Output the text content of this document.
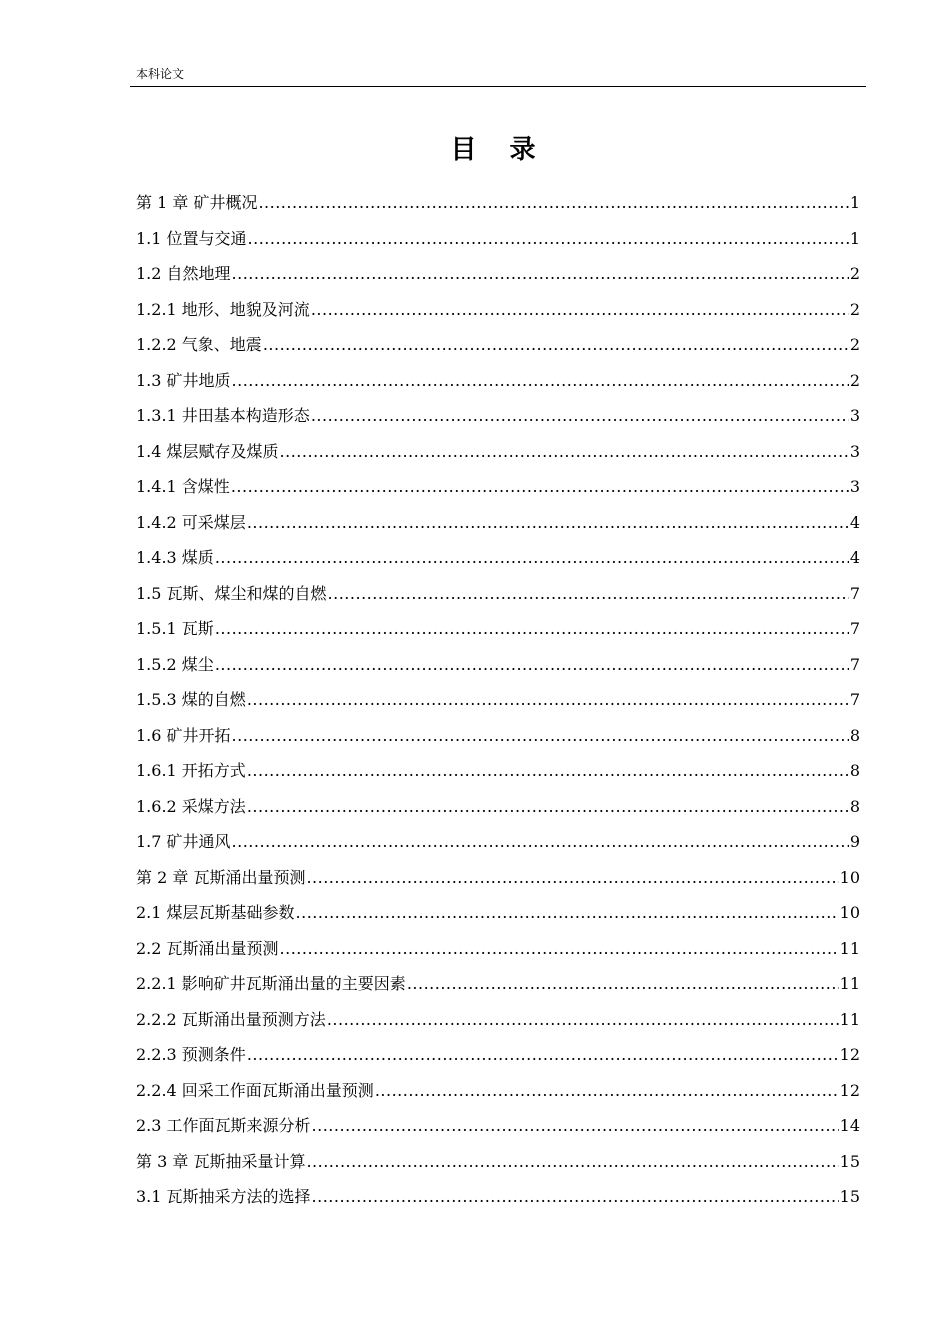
本科论文
目 录
第 1 章 矿井概况 .....	1
1.1 位置与交通 .....	1
1.2 自然地理 .....	2
1.2.1 地形、地貌及河流 .....	2
1.2.2 气象、地震 .....	2
1.3 矿井地质 .....	2
1.3.1 井田基本构造形态 .....	3
1.4 煤层赋存及煤质 .....	3
1.4.1 含煤性 .....	3
1.4.2 可采煤层 .....	4
1.4.3 煤质 .....	4
1.5 瓦斯、煤尘和煤的自燃 .....	7
1.5.1 瓦斯 .....	7
1.5.2 煤尘 .....	7
1.5.3 煤的自燃 .....	7
1.6 矿井开拓 .....	8
1.6.1 开拓方式 .....	8
1.6.2 采煤方法 .....	8
1.7 矿井通风 .....	9
第 2 章 瓦斯涌出量预测 .....	10
2.1 煤层瓦斯基础参数 .....	10
2.2 瓦斯涌出量预测 .....	11
2.2.1 影响矿井瓦斯涌出量的主要因素 .....	11
2.2.2 瓦斯涌出量预测方法 .....	11
2.2.3 预测条件 .....	12
2.2.4 回采工作面瓦斯涌出量预测 .....	12
2.3 工作面瓦斯来源分析 .....	14
第 3 章 瓦斯抽采量计算 .....	15
3.1 瓦斯抽采方法的选择 .....	15
